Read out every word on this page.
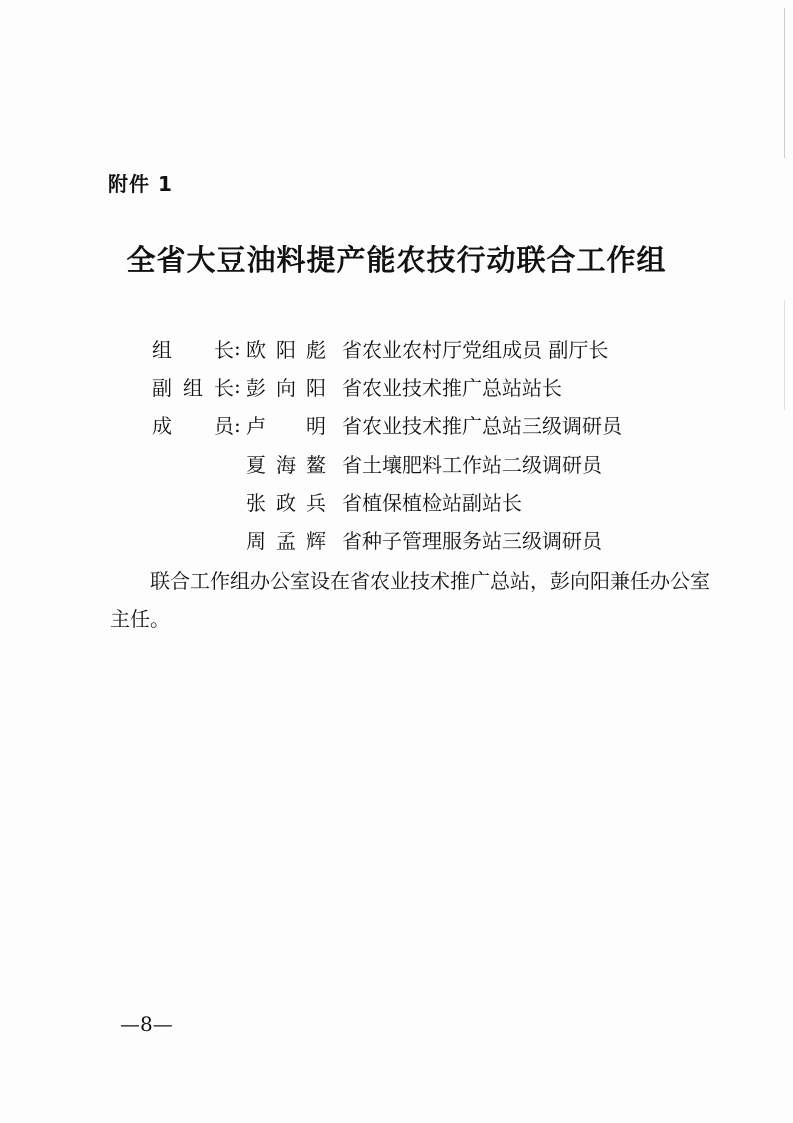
附件 1
全省大豆油料提产能农技行动联合工作组
组长 : 欧阳彪 省农业农村厅党组成员 副厅长
副组长 : 彭向阳 省农业技术推广总站站长
成员 : 卢明 省农业技术推广总站三级调研员
夏海鳌 省土壤肥料工作站二级调研员
张政兵 省植保植检站副站长
周孟辉 省种子管理服务站三级调研员
联合工作组办公室设在省农业技术推广总站，彭向阳兼任办公室主任。
—8—
